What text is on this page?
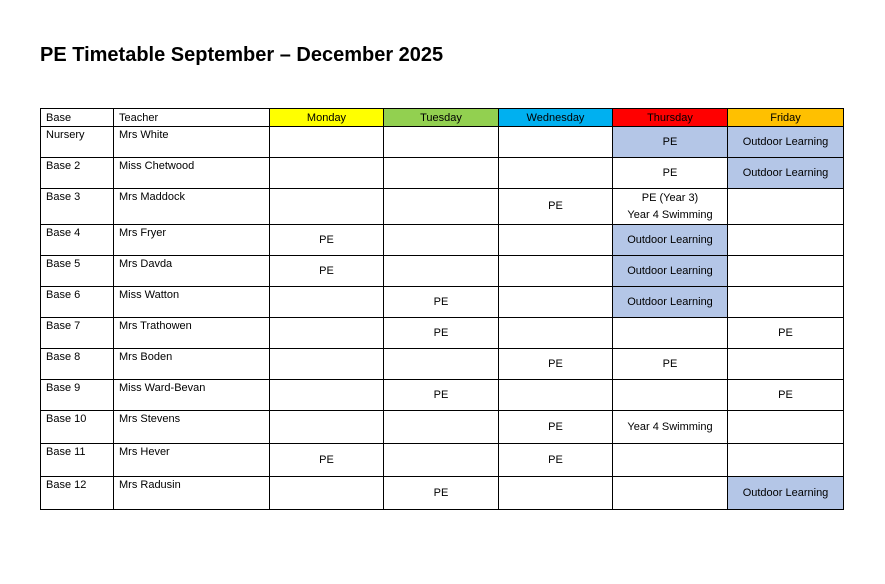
PE Timetable September – December 2025
Base	Teacher	Monday	Tuesday	Wednesday	Thursday	Friday
Nursery	Mrs White				PE	Outdoor Learning

Base 2	Miss Chetwood				PE	Outdoor Learning

Base 3	Mrs Maddock			PE	PE (Year 3)
Year 4 Swimming	

Base 4	Mrs Fryer	PE			Outdoor Learning	

Base 5	Mrs Davda	PE			Outdoor Learning	

Base 6	Miss Watton		PE		Outdoor Learning	

Base 7	Mrs Trathowen		PE			PE

Base 8	Mrs Boden			PE	PE	

Base 9	Miss Ward-Bevan		PE			PE

Base 10	Mrs Stevens			PE	Year 4 Swimming	

Base 11	Mrs Hever	PE		PE		

Base 12	Mrs Radusin		PE			Outdoor Learning
